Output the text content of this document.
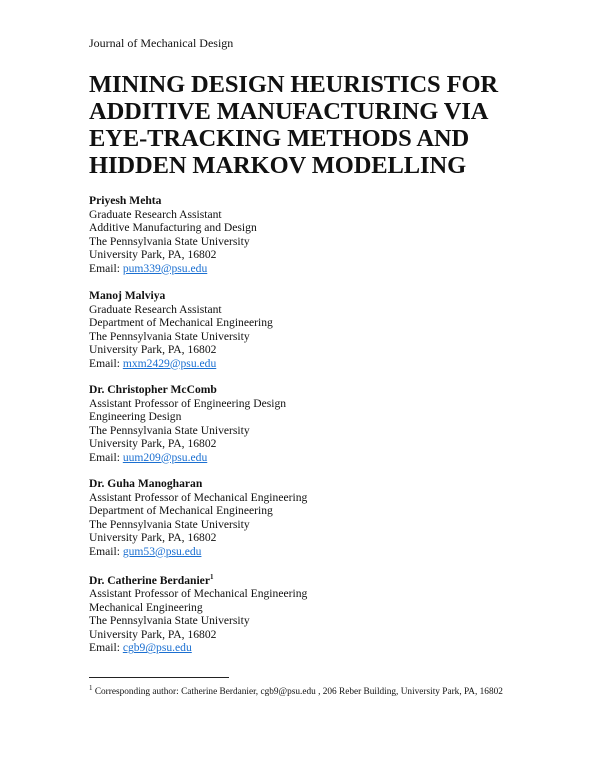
Journal of Mechanical Design
MINING DESIGN HEURISTICS FOR
ADDITIVE MANUFACTURING VIA
EYE-TRACKING METHODS AND
HIDDEN MARKOV MODELLING
Priyesh Mehta
Graduate Research Assistant
Additive Manufacturing and Design
The Pennsylvania State University
University Park, PA, 16802
Email: pum339@psu.edu
Manoj Malviya
Graduate Research Assistant
Department of Mechanical Engineering
The Pennsylvania State University
University Park, PA, 16802
Email: mxm2429@psu.edu
Dr. Christopher McComb
Assistant Professor of Engineering Design
Engineering Design
The Pennsylvania State University
University Park, PA, 16802
Email: uum209@psu.edu
Dr. Guha Manogharan
Assistant Professor of Mechanical Engineering
Department of Mechanical Engineering
The Pennsylvania State University
University Park, PA, 16802
Email: gum53@psu.edu
Dr. Catherine Berdanier$^1$
Assistant Professor of Mechanical Engineering
Mechanical Engineering
The Pennsylvania State University
University Park, PA, 16802
Email: cgb9@psu.edu
$^1$ Corresponding author: Catherine Berdanier, cgb9@psu.edu , 206 Reber Building, University Park, PA, 16802
